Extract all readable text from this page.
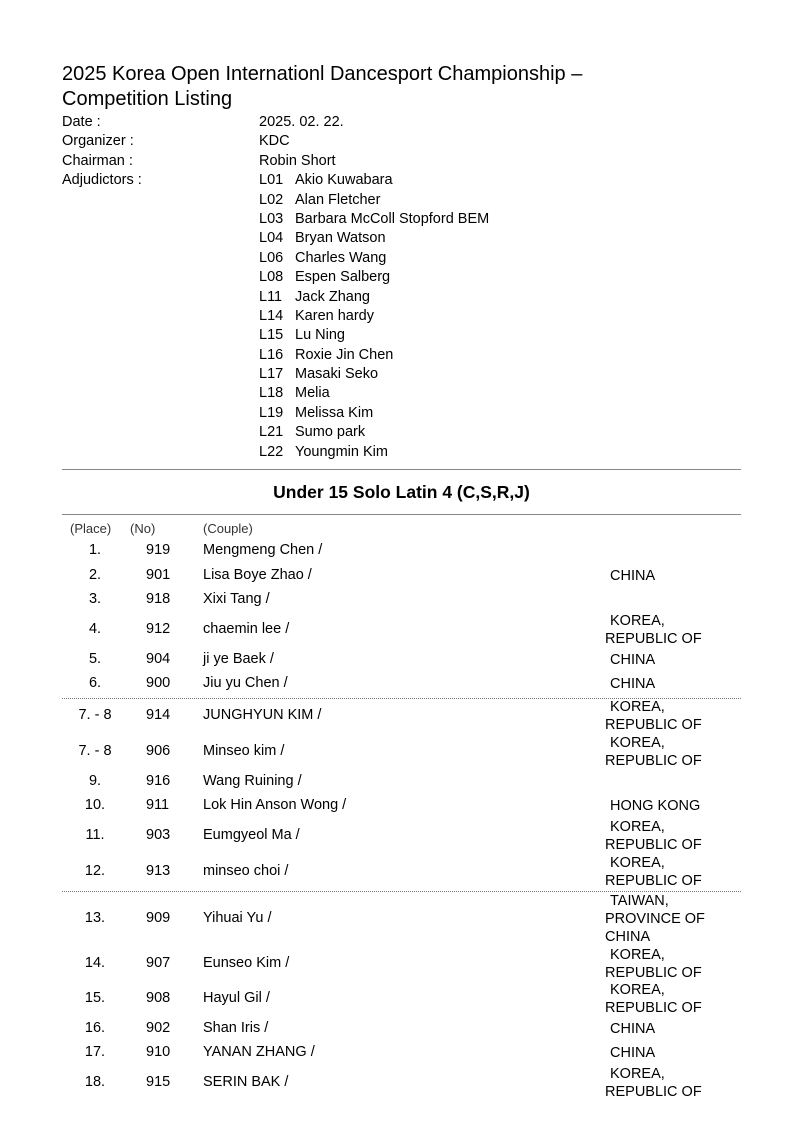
2025 Korea Open Internationl Dancesport Championship – Competition Listing
Date :	2025. 02. 22.
Organizer :	KDC
Chairman :	Robin Short
Adjudictors :	L01 Akio Kuwabara
L02 Alan Fletcher
L03 Barbara McColl Stopford BEM
L04 Bryan Watson
L06 Charles Wang
L08 Espen Salberg
L11 Jack Zhang
L14 Karen hardy
L15 Lu Ning
L16 Roxie Jin Chen
L17 Masaki Seko
L18 Melia
L19 Melissa Kim
L21 Sumo park
L22 Youngmin Kim
Under 15 Solo Latin 4 (C,S,R,J)
(Place) (No)	(Couple)
1.	919	Mengmeng Chen /
2.	901	Lisa Boye Zhao /	CHINA
3.	918	Xixi Tang /
4.	912	chaemin lee /	KOREA,
REPUBLIC OF
5.	904	ji ye Baek /	CHINA
6.	900	Jiu yu Chen /	CHINA
7. - 8	914	JUNGHYUN KIM /	KOREA,
REPUBLIC OF
7. - 8	906	Minseo kim /	KOREA,
REPUBLIC OF
9.	916	Wang Ruining /
10.	911	Lok Hin Anson Wong /	HONG KONG
11.	903	Eumgyeol Ma /	KOREA,
REPUBLIC OF
12.	913	minseo choi /	KOREA,
REPUBLIC OF
13.	909	Yihuai Yu /
TAIWAN,
PROVINCE OF
CHINA
14.	907	Eunseo Kim /	KOREA,
REPUBLIC OF
15.	908	Hayul Gil /	KOREA,
REPUBLIC OF
16.	902	Shan Iris /	CHINA
17.	910	YANAN ZHANG /	CHINA
18.	915	SERIN BAK /	KOREA,
REPUBLIC OF
